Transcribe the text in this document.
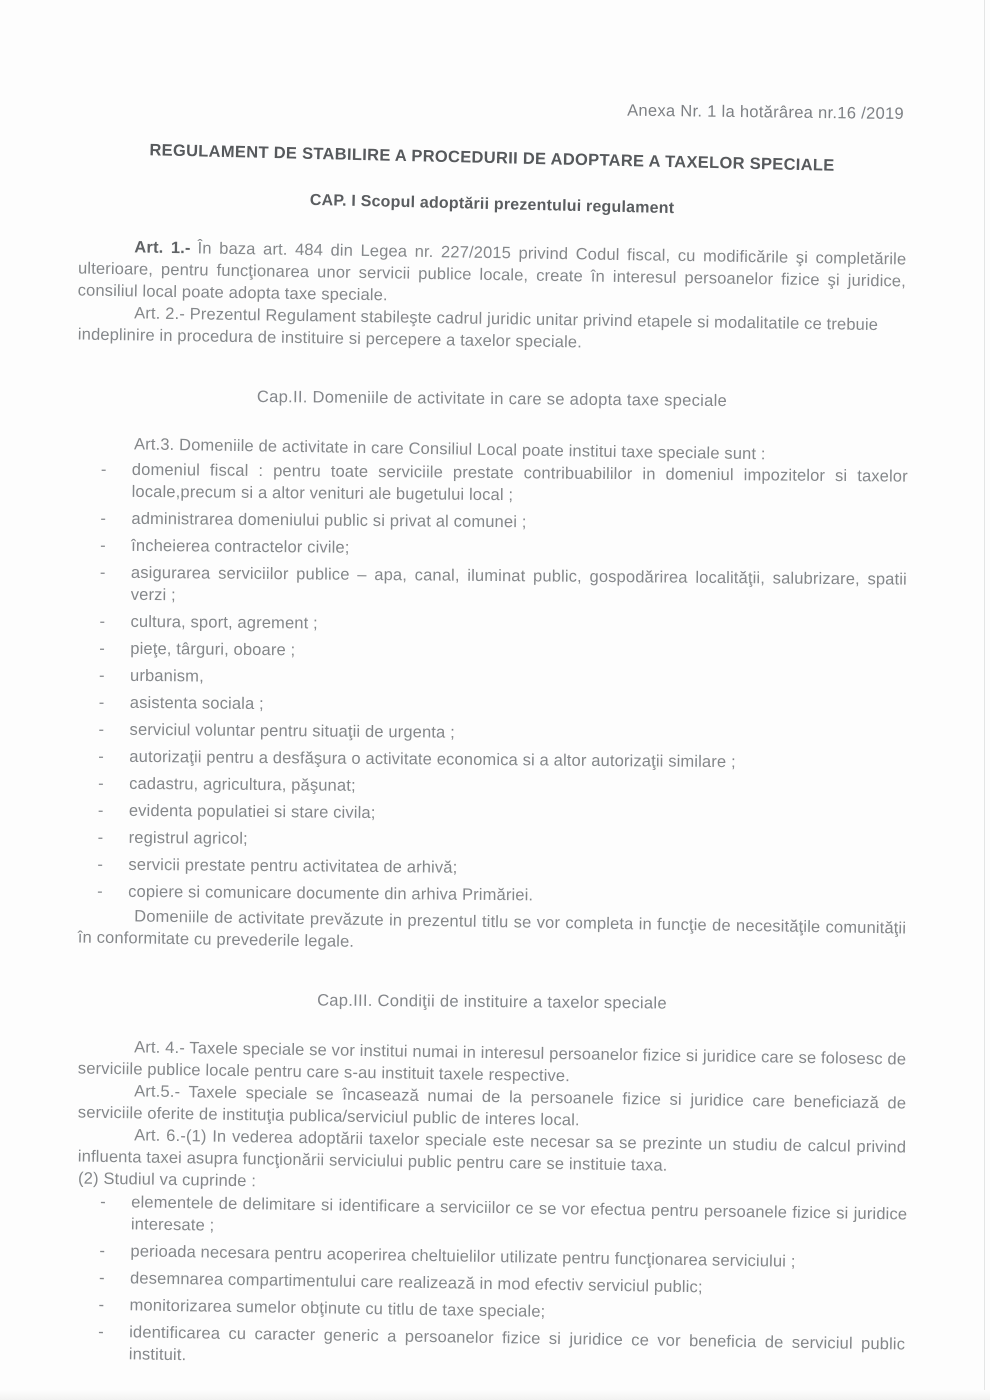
Anexa Nr. 1 la hotărârea nr.16 /2019
REGULAMENT DE STABILIRE A PROCEDURII DE ADOPTARE A TAXELOR SPECIALE
CAP. I Scopul adoptării prezentului regulament

Art. 1.- În baza art. 484 din Legea nr. 227/2015 privind Codul fiscal, cu modificările şi completările ulterioare, pentru funcţionarea unor servicii publice locale, create în interesul persoanelor fizice şi juridice, consiliul local poate adopta taxe speciale.

Art. 2.- Prezentul Regulament stabileşte cadrul juridic unitar privind etapele si modalitatile ce trebuie indeplinire in procedura de instituire si percepere a taxelor speciale.

Cap.II. Domeniile de activitate in care se adopta taxe speciale

Art.3. Domeniile de activitate in care Consiliul Local poate institui taxe speciale sunt :

- domeniul fiscal : pentru toate serviciile prestate contribuabililor in domeniul impozitelor si taxelor locale,precum si a altor venituri ale bugetului local ;
- administrarea domeniului public si privat al comunei ;
- încheierea contractelor civile;
- asigurarea serviciilor publice – apa, canal, iluminat public, gospodărirea localităţii, salubrizare, spatii verzi ;
- cultura, sport, agrement ;
- pieţe, târguri, oboare ;
- urbanism,
- asistenta sociala ;
- serviciul voluntar pentru situaţii de urgenta ;
- autorizaţii pentru a desfăşura o activitate economica si a altor autorizaţii similare ;
- cadastru, agricultura, păşunat;
- evidenta populatiei si stare civila;
- registrul agricol;
- servicii prestate pentru activitatea de arhivă;
- copiere si comunicare documente din arhiva Primăriei.

Domeniile de activitate prevăzute in prezentul titlu se vor completa in funcţie de necesităţile comunităţii în conformitate cu prevederile legale.

Cap.III. Condiţii de instituire a taxelor speciale

Art. 4.- Taxele speciale se vor institui numai in interesul persoanelor fizice si juridice care se folosesc de serviciile publice locale pentru care s-au instituit taxele respective.

Art.5.- Taxele speciale se încasează numai de la persoanele fizice si juridice care beneficiază de serviciile oferite de instituţia publica/serviciul public de interes local.

Art. 6.-(1) In vederea adoptării taxelor speciale este necesar sa se prezinte un studiu de calcul privind influenta taxei asupra funcţionării serviciului public pentru care se instituie taxa.

(2) Studiul va cuprinde :

- elementele de delimitare si identificare a serviciilor ce se vor efectua pentru persoanele fizice si juridice interesate ;
- perioada necesara pentru acoperirea cheltuielilor utilizate pentru funcţionarea serviciului ;
- desemnarea compartimentului care realizează in mod efectiv serviciul public;
- monitorizarea sumelor obţinute cu titlu de taxe speciale;
- identificarea cu caracter generic a persoanelor fizice si juridice ce vor beneficia de serviciul public instituit.
